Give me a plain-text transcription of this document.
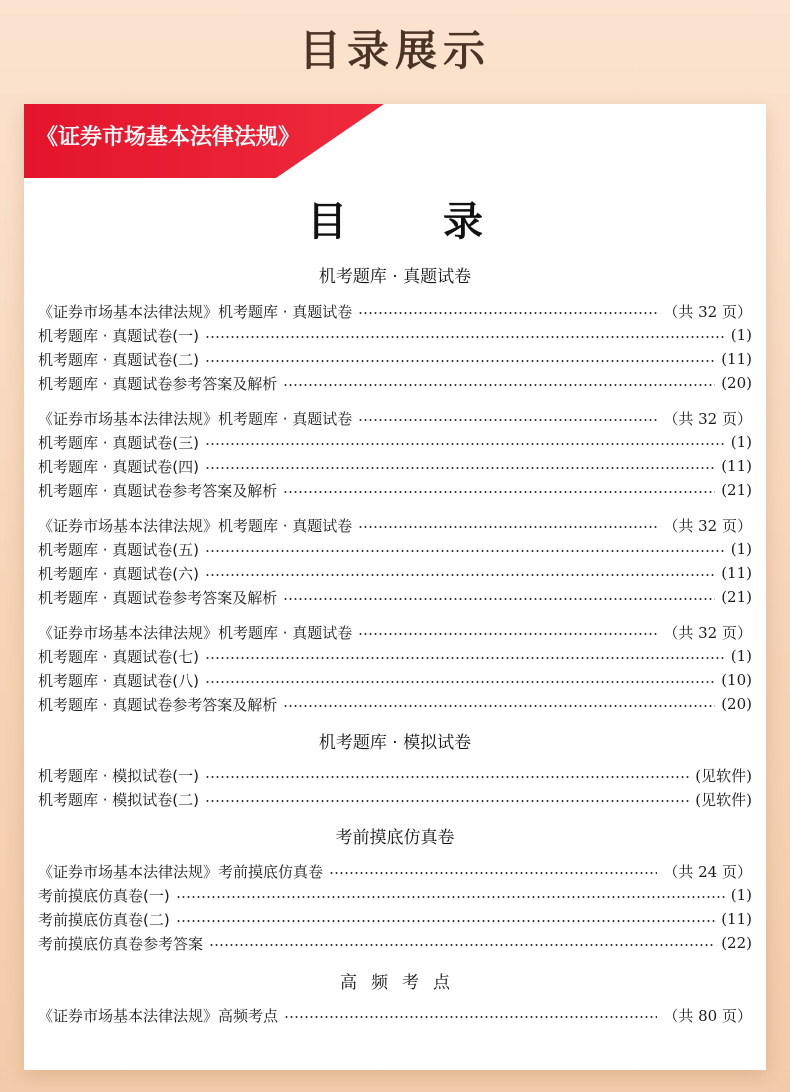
目录展示
《证券市场基本法律法规》
目录
机考题库 · 真题试卷
《证券市场基本法律法规》机考题库 · 真题试卷	（共 32 页）
机考题库 · 真题试卷(一)	(1)
机考题库 · 真题试卷(二)	(11)
机考题库 · 真题试卷参考答案及解析	(20)
《证券市场基本法律法规》机考题库 · 真题试卷	（共 32 页）
机考题库 · 真题试卷(三)	(1)
机考题库 · 真题试卷(四)	(11)
机考题库 · 真题试卷参考答案及解析	(21)
《证券市场基本法律法规》机考题库 · 真题试卷	（共 32 页）
机考题库 · 真题试卷(五)	(1)
机考题库 · 真题试卷(六)	(11)
机考题库 · 真题试卷参考答案及解析	(21)
《证券市场基本法律法规》机考题库 · 真题试卷	（共 32 页）
机考题库 · 真题试卷(七)	(1)
机考题库 · 真题试卷(八)	(10)
机考题库 · 真题试卷参考答案及解析	(20)
机考题库 · 模拟试卷
机考题库 · 模拟试卷(一)	(见软件)
机考题库 · 模拟试卷(二)	(见软件)
考前摸底仿真卷
《证券市场基本法律法规》考前摸底仿真卷	（共 24 页）
考前摸底仿真卷(一)	(1)
考前摸底仿真卷(二)	(11)
考前摸底仿真卷参考答案	(22)
高频考点
《证券市场基本法律法规》高频考点	（共 80 页）
